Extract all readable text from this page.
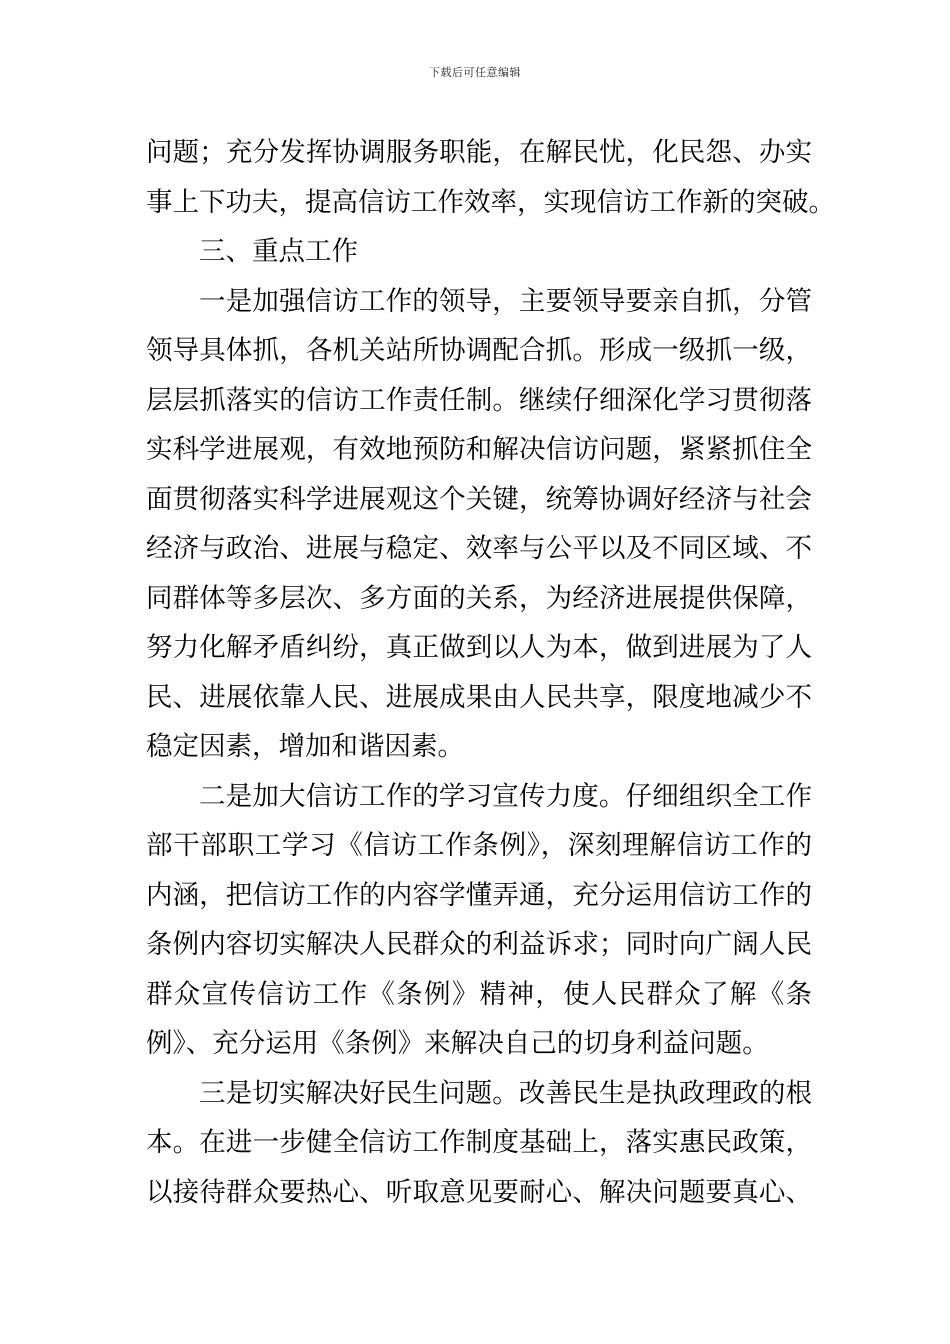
下载后可任意编辑
问题；充分发挥协调服务职能，在解民忧，化民怨、办实
事上下功夫，提高信访工作效率，实现信访工作新的突破。
三、重点工作
一是加强信访工作的领导，主要领导要亲自抓，分管
领导具体抓，各机关站所协调配合抓。形成一级抓一级，
层层抓落实的信访工作责任制。继续仔细深化学习贯彻落
实科学进展观，有效地预防和解决信访问题，紧紧抓住全
面贯彻落实科学进展观这个关键，统筹协调好经济与社会
经济与政治、进展与稳定、效率与公平以及不同区域、不
同群体等多层次、多方面的关系，为经济进展提供保障，
努力化解矛盾纠纷，真正做到以人为本，做到进展为了人
民、进展依靠人民、进展成果由人民共享，限度地减少不
稳定因素，增加和谐因素。
二是加大信访工作的学习宣传力度。仔细组织全工作
部干部职工学习《信访工作条例》，深刻理解信访工作的
内涵，把信访工作的内容学懂弄通，充分运用信访工作的
条例内容切实解决人民群众的利益诉求；同时向广阔人民
群众宣传信访工作《条例》精神，使人民群众了解《条
例》、充分运用《条例》来解决自己的切身利益问题。
三是切实解决好民生问题。改善民生是执政理政的根
本。在进一步健全信访工作制度基础上，落实惠民政策，
以接待群众要热心、听取意见要耐心、解决问题要真心、
